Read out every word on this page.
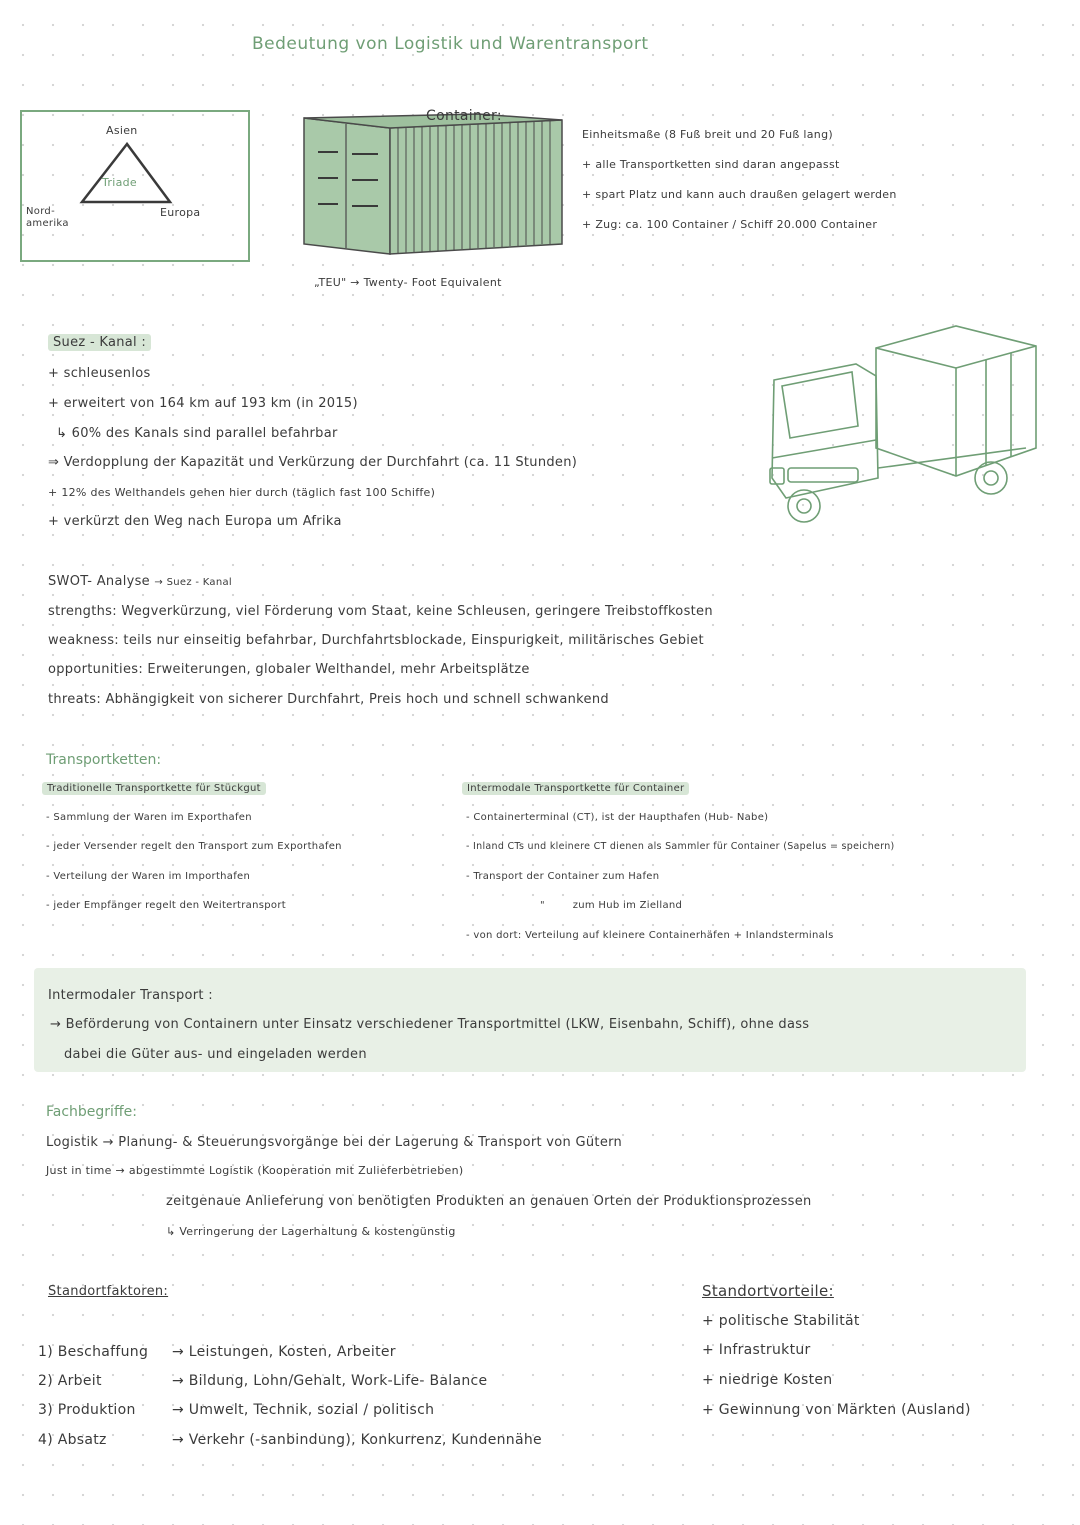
Bedeutung von Logistik und Warentransport
Asien
Triade
Nord-
amerika
Europa
Container:
„TEU" → Twenty- Foot Equivalent
Einheitsmaße (8 Fuß breit und 20 Fuß lang)
+ alle Transportketten sind daran angepasst
+ spart Platz und kann auch draußen gelagert werden
+ Zug: ca. 100 Container / Schiff 20.000 Container
Suez - Kanal :
+ schleusenlos
+ erweitert von 164 km auf 193 km (in 2015)
↳ 60% des Kanals sind parallel befahrbar
⇒ Verdopplung der Kapazität und Verkürzung der Durchfahrt (ca. 11 Stunden)
+ 12% des Welthandels gehen hier durch (täglich fast 100 Schiffe)
+ verkürzt den Weg nach Europa um Afrika
SWOT- Analyse → Suez - Kanal
strengths: Wegverkürzung, viel Förderung vom Staat, keine Schleusen, geringere Treibstoffkosten
weakness: teils nur einseitig befahrbar, Durchfahrtsblockade, Einspurigkeit, militärisches Gebiet
opportunities: Erweiterungen, globaler Welthandel, mehr Arbeitsplätze
threats: Abhängigkeit von sicherer Durchfahrt, Preis hoch und schnell schwankend
Transportketten:
Traditionelle Transportkette für Stückgut
- Sammlung der Waren im Exporthafen
- jeder Versender regelt den Transport zum Exporthafen
- Verteilung der Waren im Importhafen
- jeder Empfänger regelt den Weitertransport
Intermodale Transportkette für Container
- Containerterminal (CT), ist der Haupthafen (Hub- Nabe)
- Inland CTs und kleinere CT dienen als Sammler für Container (Sapelus = speichern)
- Transport der Container zum Hafen
"        zum Hub im Zielland
- von dort: Verteilung auf kleinere Containerhäfen + Inlandsterminals
Intermodaler Transport :
→ Beförderung von Containern unter Einsatz verschiedener Transportmittel (LKW, Eisenbahn, Schiff), ohne dass
dabei die Güter aus- und eingeladen werden
Fachbegriffe:
Logistik → Planung- & Steuerungsvorgänge bei der Lagerung & Transport von Gütern
Just in time → abgestimmte Logistik (Kooperation mit Zulieferbetrieben)
zeitgenaue Anlieferung von benötigten Produkten an genauen Orten der Produktionsprozessen
↳ Verringerung der Lagerhaltung & kostengünstig
Standortfaktoren:
1) Beschaffung → Leistungen, Kosten, Arbeiter
2) Arbeit	→ Bildung, Lohn/Gehalt, Work-Life- Balance
3) Produktion	→ Umwelt, Technik, sozial / politisch
4) Absatz	→ Verkehr (-sanbindung), Konkurrenz, Kundennähe
Standortvorteile:
+ politische Stabilität
+ Infrastruktur
+ niedrige Kosten
+ Gewinnung von Märkten (Ausland)
